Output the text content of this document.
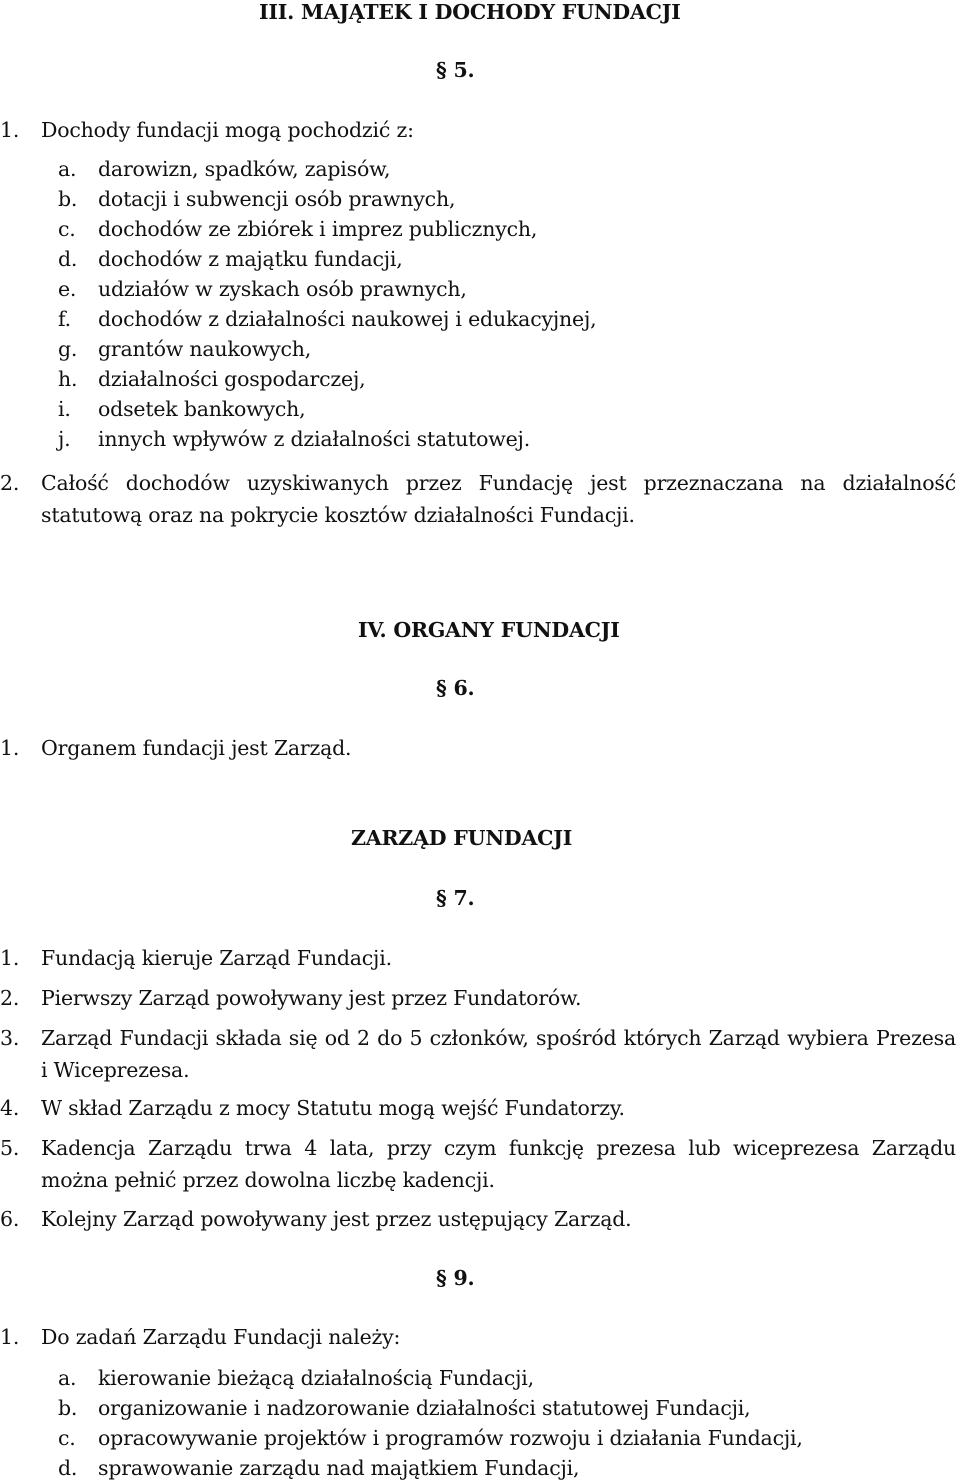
III. MAJĄTEK I DOCHODY FUNDACJI
§ 5.
1. Dochody fundacji mogą pochodzić z:
a. darowizn, spadków, zapisów,
b. dotacji i subwencji osób prawnych,
c. dochodów ze zbiórek i imprez publicznych,
d. dochodów z majątku fundacji,
e. udziałów w zyskach osób prawnych,
f. dochodów z działalności naukowej i edukacyjnej,
g. grantów naukowych,
h. działalności gospodarczej,
i. odsetek bankowych,
j. innych wpływów z działalności statutowej.
2. Całość dochodów uzyskiwanych przez Fundację jest przeznaczana na działalność statutową oraz na pokrycie kosztów działalności Fundacji.
IV. ORGANY FUNDACJI
§ 6.
1. Organem fundacji jest Zarząd.
ZARZĄD FUNDACJI
§ 7.
1. Fundacją kieruje Zarząd Fundacji.
2. Pierwszy Zarząd powoływany jest przez Fundatorów.
3. Zarząd Fundacji składa się od 2 do 5 członków, spośród których Zarząd wybiera Prezesa i Wiceprezesa.
4. W skład Zarządu z mocy Statutu mogą wejść Fundatorzy.
5. Kadencja Zarządu trwa 4 lata, przy czym funkcję prezesa lub wiceprezesa Zarządu można pełnić przez dowolna liczbę kadencji.
6. Kolejny Zarząd powoływany jest przez ustępujący Zarząd.
§ 9.
1. Do zadań Zarządu Fundacji należy:
a. kierowanie bieżącą działalnością Fundacji,
b. organizowanie i nadzorowanie działalności statutowej Fundacji,
c. opracowywanie projektów i programów rozwoju i działania Fundacji,
d. sprawowanie zarządu nad majątkiem Fundacji,
